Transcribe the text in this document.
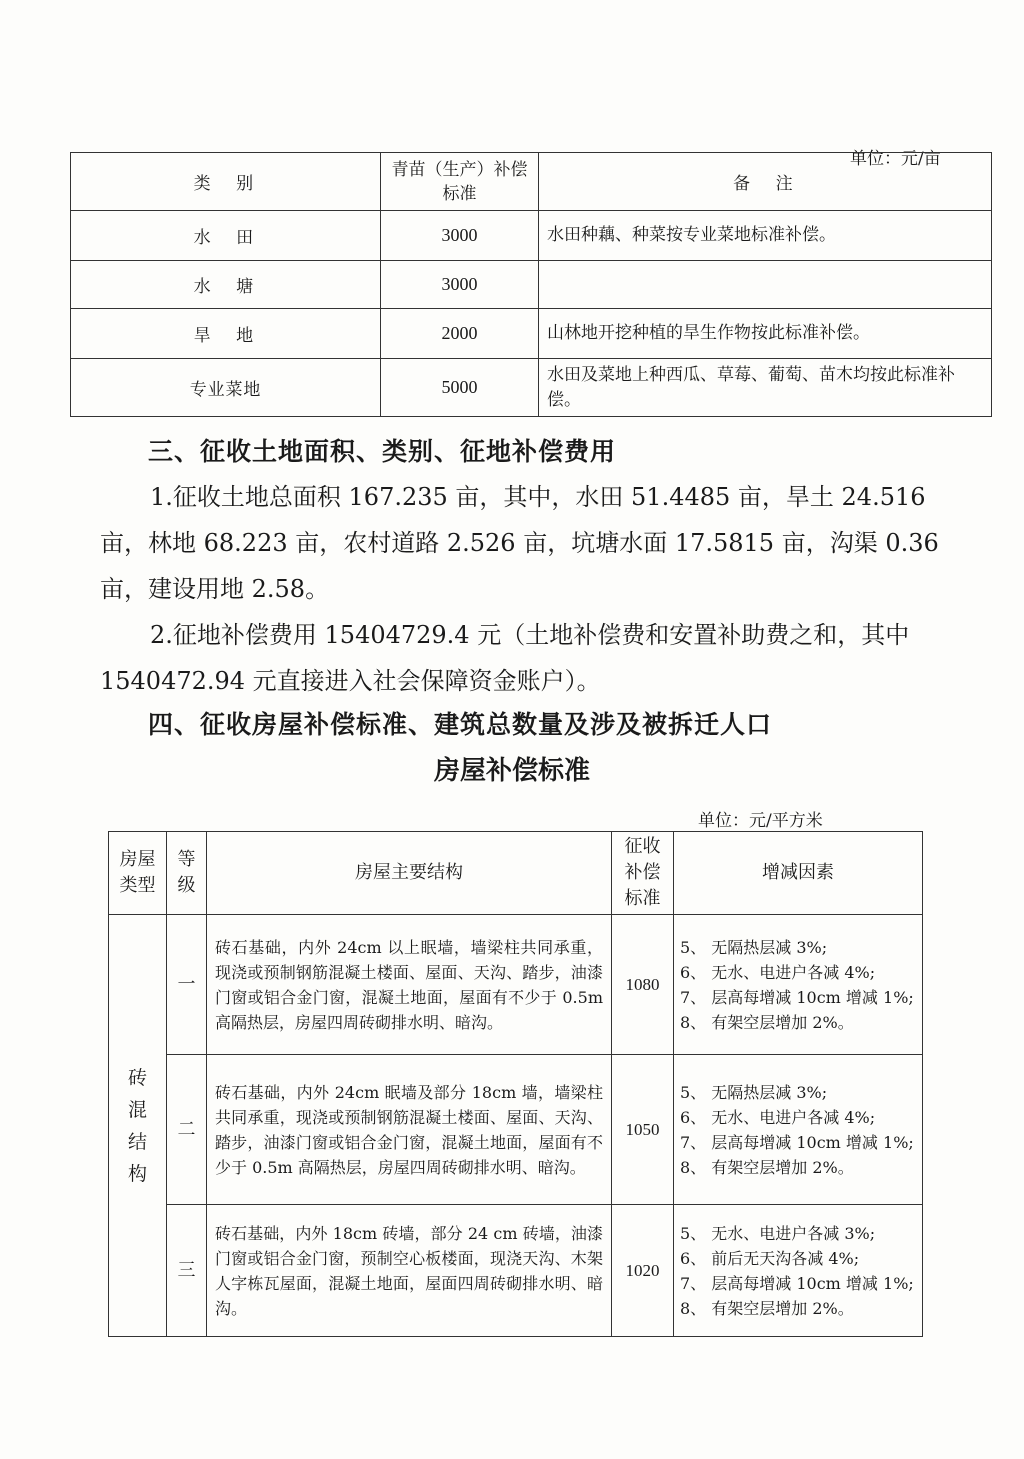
单位：元/亩
类　别	青苗（生产）补偿标准	备　注
水　田	3000	水田种藕、种菜按专业菜地标准补偿。
水　塘	3000	
旱　地	2000	山林地开挖种植的旱生作物按此标准补偿。
专业菜地	5000	水田及菜地上种西瓜、草莓、葡萄、苗木均按此标准补偿。
三、征收土地面积、类别、征地补偿费用
1.征收土地总面积 167.235 亩，其中，水田 51.4485 亩，旱土 24.516 亩，林地 68.223 亩，农村道路 2.526 亩，坑塘水面 17.5815 亩，沟渠 0.36 亩，建设用地 2.58。
2.征地补偿费用 15404729.4 元（土地补偿费和安置补助费之和，其中 1540472.94 元直接进入社会保障资金账户）。
四、征收房屋补偿标准、建筑总数量及涉及被拆迁人口
房屋补偿标准
单位：元/平方米
房屋类型	等级	房屋主要结构	征收补偿标准	增减因素
砖混结构	一	砖石基础，内外 24cm 以上眠墙，墙梁柱共同承重，现浇或预制钢筋混凝土楼面、屋面、天沟、踏步，油漆门窗或铝合金门窗，混凝土地面，屋面有不少于 0.5m 高隔热层，房屋四周砖砌排水明、暗沟。	1080	5、 无隔热层减 3%;
6、 无水、电进户各减 4%;
7、 层高每增减 10cm 增减 1%;
8、 有架空层增加 2%。

	二	砖石基础，内外 24cm 眠墙及部分 18cm 墙，墙梁柱共同承重，现浇或预制钢筋混凝土楼面、屋面、天沟、踏步，油漆门窗或铝合金门窗，混凝土地面，屋面有不少于 0.5m 高隔热层，房屋四周砖砌排水明、暗沟。	1050	5、 无隔热层减 3%;
6、 无水、电进户各减 4%;
7、 层高每增减 10cm 增减 1%;
8、 有架空层增加 2%。

	三	砖石基础，内外 18cm 砖墙，部分 24 cm 砖墙，油漆门窗或铝合金门窗，预制空心板楼面，现浇天沟、木架人字栋瓦屋面，混凝土地面，屋面四周砖砌排水明、暗沟。	1020	5、 无水、电进户各减 3%;
6、 前后无天沟各减 4%;
7、 层高每增减 10cm 增减 1%;
8、 有架空层增加 2%。
